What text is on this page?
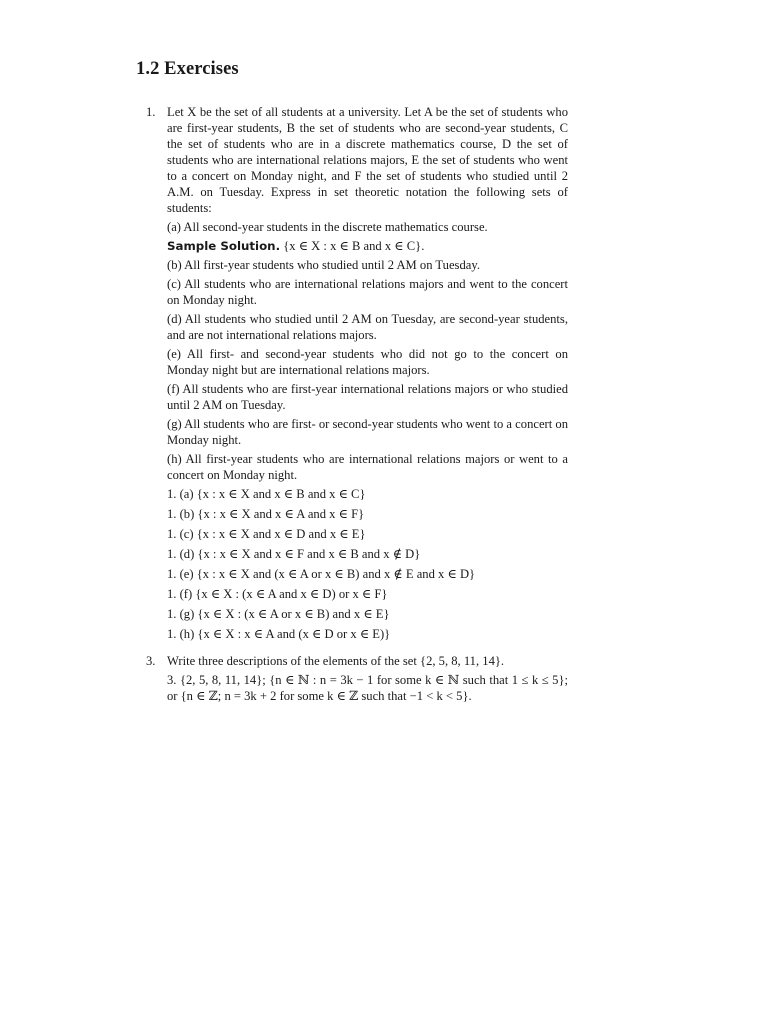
1.2 Exercises
1. Let X be the set of all students at a university. Let A be the set of students who are first-year students, B the set of students who are second-year students, C the set of students who are in a discrete mathematics course, D the set of students who are international relations majors, E the set of students who went to a concert on Monday night, and F the set of students who studied until 2 A.M. on Tuesday. Express in set theoretic notation the following sets of students:

(a) All second-year students in the discrete mathematics course.

Sample Solution. {x ∈ X : x ∈ B and x ∈ C}.

(b) All first-year students who studied until 2 AM on Tuesday.

(c) All students who are international relations majors and went to the concert on Monday night.

(d) All students who studied until 2 AM on Tuesday, are second-year students, and are not international relations majors.

(e) All first- and second-year students who did not go to the concert on Monday night but are international relations majors.

(f) All students who are first-year international relations majors or who studied until 2 AM on Tuesday.

(g) All students who are first- or second-year students who went to a concert on Monday night.

(h) All first-year students who are international relations majors or went to a concert on Monday night.

1. (a) {x : x ∈ X and x ∈ B and x ∈ C}

1. (b) {x : x ∈ X and x ∈ A and x ∈ F}

1. (c) {x : x ∈ X and x ∈ D and x ∈ E}

1. (d) {x : x ∈ X and x ∈ F and x ∈ B and x ∉ D}

1. (e) {x : x ∈ X and (x ∈ A or x ∈ B) and x ∉ E and x ∈ D}

1. (f) {x ∈ X : (x ∈ A and x ∈ D) or x ∈ F}

1. (g) {x ∈ X : (x ∈ A or x ∈ B) and x ∈ E}

1. (h) {x ∈ X : x ∈ A and (x ∈ D or x ∈ E)}

3. Write three descriptions of the elements of the set {2, 5, 8, 11, 14}.

3. {2, 5, 8, 11, 14}; {n ∈ ℕ : n = 3k − 1 for some k ∈ ℕ such that 1 ≤ k ≤ 5}; or {n ∈ ℤ; n = 3k + 2 for some k ∈ ℤ such that −1 < k < 5}.
